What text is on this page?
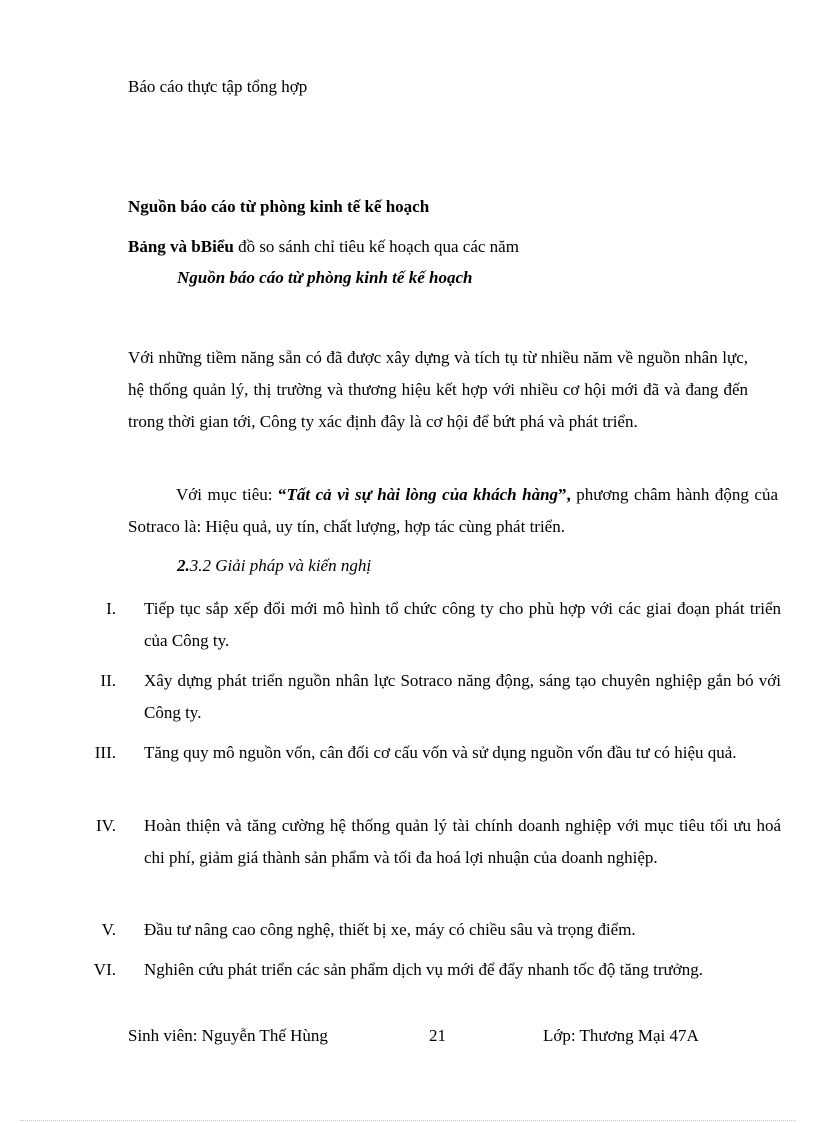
Báo cáo thực tập tổng hợp
Nguồn báo cáo từ phòng kinh tế kế hoạch
Bảng và bBiểu đồ so sánh chỉ tiêu kế hoạch qua các năm
Nguồn báo cáo từ phòng kinh tế kế hoạch
Với những tiềm năng sẵn có đã được xây dựng và tích tụ từ nhiều năm về nguồn nhân lực, hệ thống quản lý, thị trường và thương hiệu kết hợp với nhiều cơ hội mới đã và đang đến trong thời gian tới, Công ty xác định đây là cơ hội để bứt phá và phát triển.
Với mục tiêu: “Tất cả vì sự hài lòng của khách hàng”, phương châm hành động của Sotraco là: Hiệu quả, uy tín, chất lượng, hợp tác cùng phát triển.
2.3.2 Giải pháp và kiến nghị
I. Tiếp tục sắp xếp đổi mới mô hình tổ chức công ty cho phù hợp với các giai đoạn phát triển của Công ty.
II. Xây dựng phát triển nguồn nhân lực Sotraco năng động, sáng tạo chuyên nghiệp gắn bó với Công ty.
III. Tăng quy mô nguồn vốn, cân đối cơ cấu vốn và sử dụng nguồn vốn đầu tư có hiệu quả.
IV. Hoàn thiện và tăng cường hệ thống quản lý tài chính doanh nghiệp với mục tiêu tối ưu hoá chi phí, giảm giá thành sản phẩm và tối đa hoá lợi nhuận của doanh nghiệp.
V. Đầu tư nâng cao công nghệ, thiết bị xe, máy có chiều sâu và trọng điểm.
VI. Nghiên cứu phát triển các sản phẩm dịch vụ mới để đẩy nhanh tốc độ tăng trưởng.
Sinh viên: Nguyễn Thế Hùng	21	Lớp: Thương Mại 47A
